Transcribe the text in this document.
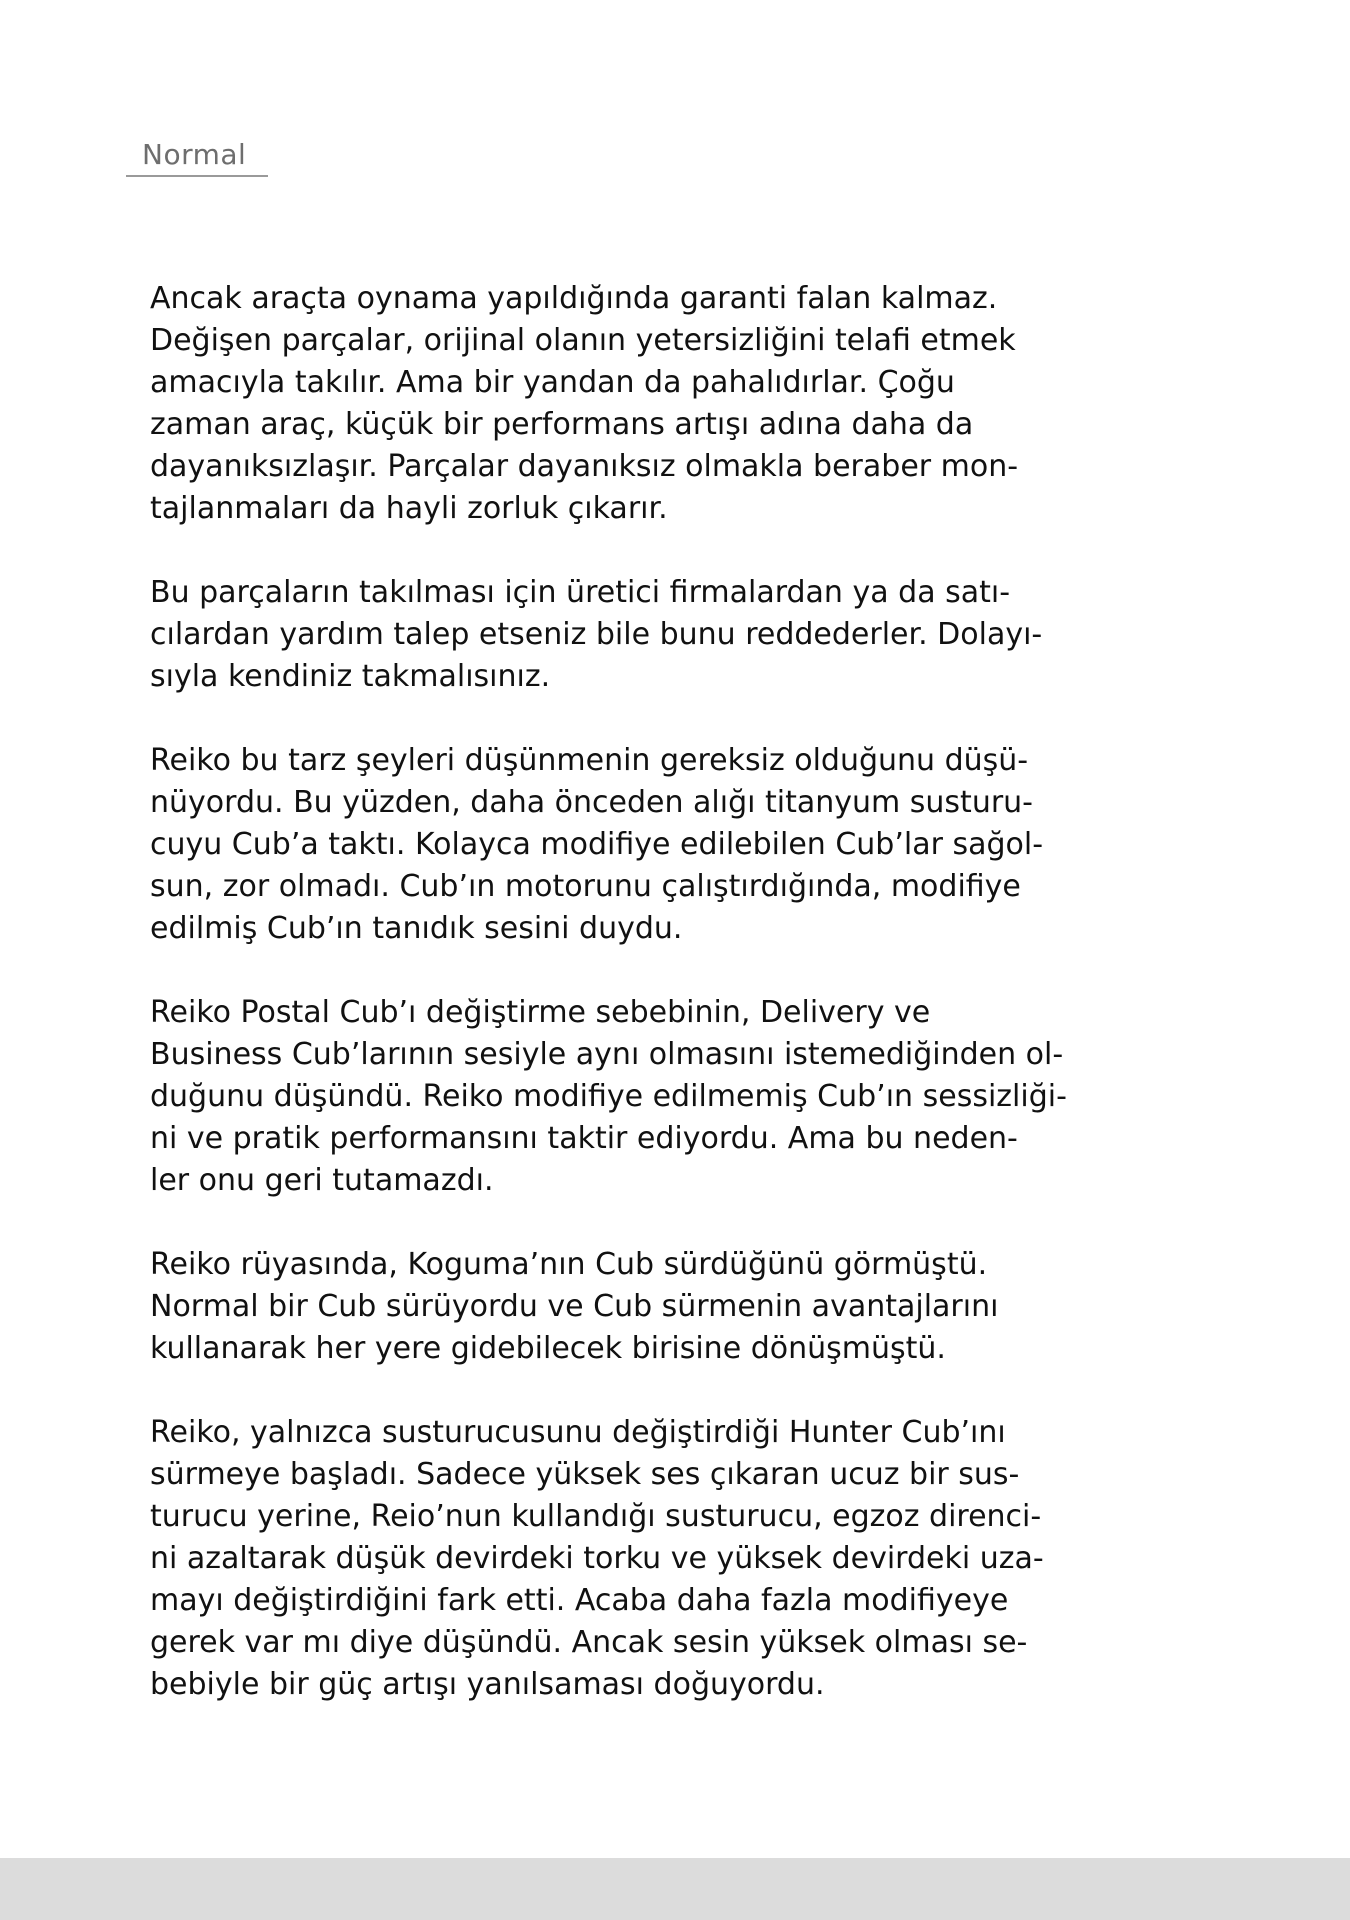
Normal

Ancak araçta oynama yapıldığında garanti falan kalmaz.
Değişen parçalar, orijinal olanın yetersizliğini telafi etmek
amacıyla takılır. Ama bir yandan da pahalıdırlar. Çoğu
zaman araç, küçük bir performans artışı adına daha da
dayanıksızlaşır. Parçalar dayanıksız olmakla beraber mon-
tajlanmaları da hayli zorluk çıkarır.

Bu parçaların takılması için üretici firmalardan ya da satı-
cılardan yardım talep etseniz bile bunu reddederler. Dolayı-
sıyla kendiniz takmalısınız.

Reiko bu tarz şeyleri düşünmenin gereksiz olduğunu düşü-
nüyordu. Bu yüzden, daha önceden alığı titanyum susturu-
cuyu Cub’a taktı. Kolayca modifiye edilebilen Cub’lar sağol-
sun, zor olmadı. Cub’ın motorunu çalıştırdığında, modifiye
edilmiş Cub’ın tanıdık sesini duydu.

Reiko Postal Cub’ı değiştirme sebebinin, Delivery ve
Business Cub’larının sesiyle aynı olmasını istemediğinden ol-
duğunu düşündü. Reiko modifiye edilmemiş Cub’ın sessizliği-
ni ve pratik performansını taktir ediyordu. Ama bu neden-
ler onu geri tutamazdı.

Reiko rüyasında, Koguma’nın Cub sürdüğünü görmüştü.
Normal bir Cub sürüyordu ve Cub sürmenin avantajlarını
kullanarak her yere gidebilecek birisine dönüşmüştü.

Reiko, yalnızca susturucusunu değiştirdiği Hunter Cub’ını
sürmeye başladı. Sadece yüksek ses çıkaran ucuz bir sus-
turucu yerine, Reio’nun kullandığı susturucu, egzoz direnci-
ni azaltarak düşük devirdeki torku ve yüksek devirdeki uza-
mayı değiştirdiğini fark etti. Acaba daha fazla modifiyeye
gerek var mı diye düşündü. Ancak sesin yüksek olması se-
bebiyle bir güç artışı yanılsaması doğuyordu.
